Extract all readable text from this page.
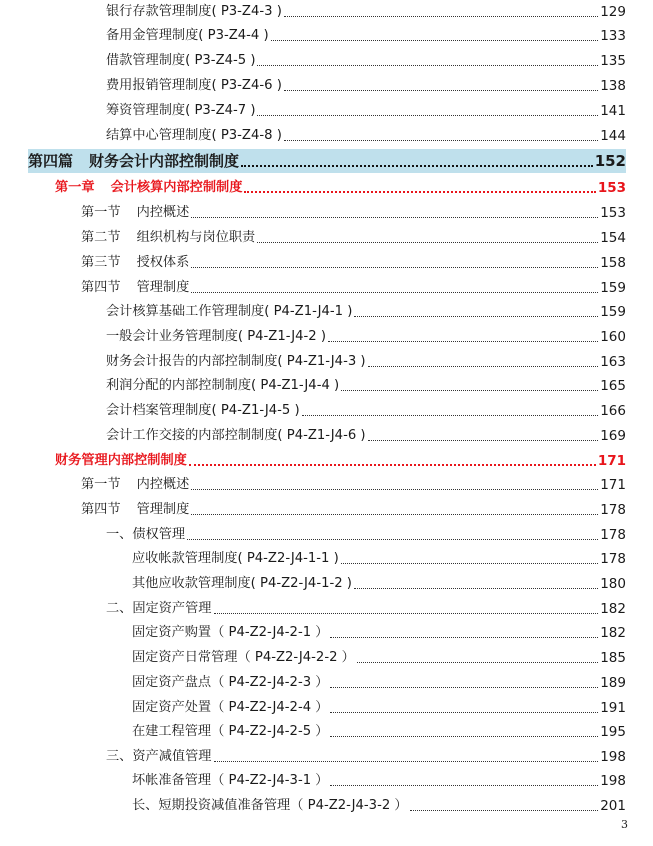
银行存款管理制度( P3-Z4-3 )	129
备用金管理制度( P3-Z4-4 )	133
借款管理制度( P3-Z4-5 )	135
费用报销管理制度( P3-Z4-6 )	138
筹资管理制度( P3-Z4-7 )	141
结算中心管理制度( P3-Z4-8 )	144
第四篇 财务会计内部控制制度	152
第一章 会计核算内部控制制度	153
第一节 内控概述	153
第二节 组织机构与岗位职责	154
第三节 授权体系	158
第四节 管理制度	159
会计核算基础工作管理制度( P4-Z1-J4-1 )	159
一般会计业务管理制度( P4-Z1-J4-2 )	160
财务会计报告的内部控制制度( P4-Z1-J4-3 )	163
利润分配的内部控制制度( P4-Z1-J4-4 )	165
会计档案管理制度( P4-Z1-J4-5 )	166
会计工作交接的内部控制制度( P4-Z1-J4-6 )	169
财务管理内部控制制度	171
第一节 内控概述	171
第四节 管理制度	178
一、债权管理	178
应收帐款管理制度( P4-Z2-J4-1-1 )	178
其他应收款管理制度( P4-Z2-J4-1-2 )	180
二、固定资产管理	182
固定资产购置（ P4-Z2-J4-2-1 ）	182
固定资产日常管理（ P4-Z2-J4-2-2 ）	185
固定资产盘点（ P4-Z2-J4-2-3 ）	189
固定资产处置（ P4-Z2-J4-2-4 ）	191
在建工程管理（ P4-Z2-J4-2-5 ）	195
三、资产减值管理	198
坏帐准备管理（ P4-Z2-J4-3-1 ）	198
长、短期投资减值准备管理（ P4-Z2-J4-3-2 ）	201
3
